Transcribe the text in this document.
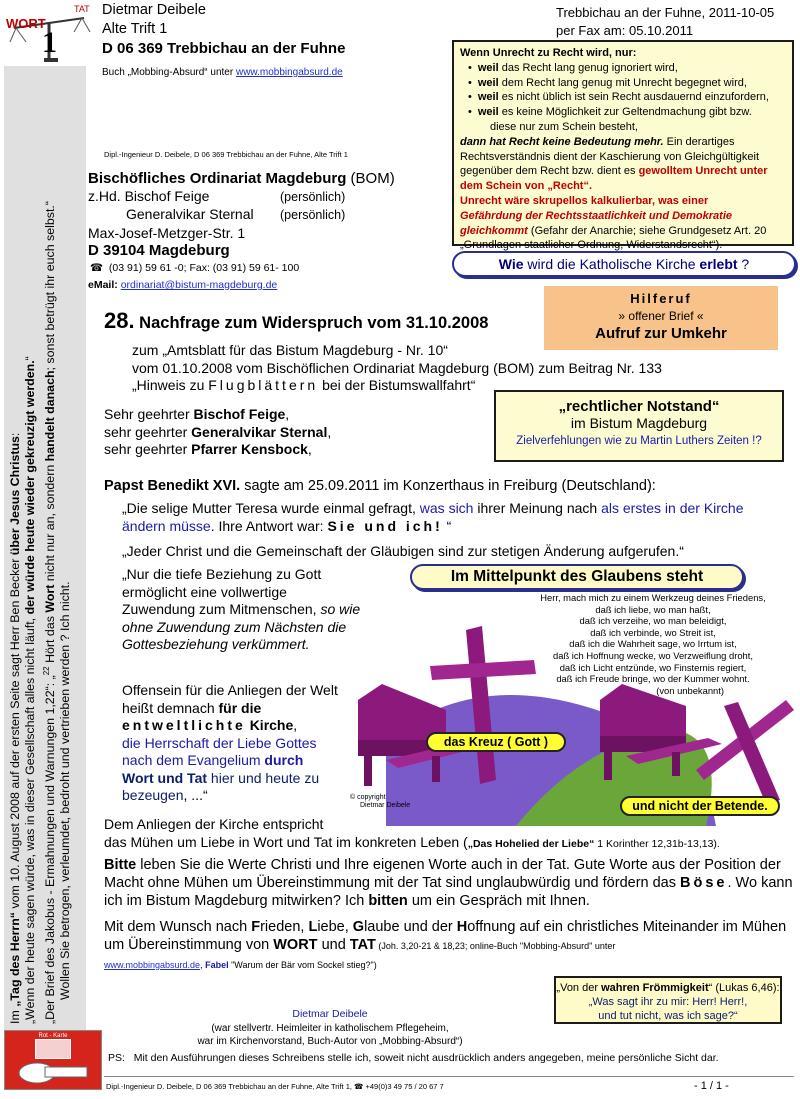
WORT
TAT
1
Dietmar Deibele
Alte Trift 1
D 06 369 Trebbichau an der Fuhne
Buch „Mobbing-Absurd“ unter www.mobbingabsurd.de
Trebbichau an der Fuhne, 2011-10-05
per Fax am: 05.10.2011
Wenn Unrecht zu Recht wird, nur:
• weil das Recht lang genug ignoriert wird,
• weil dem Recht lang genug mit Unrecht begegnet wird,
• weil es nicht üblich ist sein Recht ausdauernd einzufordern,
• weil es keine Möglichkeit zur Geltendmachung gibt bzw.
diese nur zum Schein besteht,
dann hat Recht keine Bedeutung mehr. Ein derartiges Rechtsverständnis dient der Kaschierung von Gleichgültigkeit gegenüber dem Recht bzw. dient es gewolltem Unrecht unter dem Schein von „Recht“.
Unrecht wäre skrupellos kalkulierbar, was einer
Gefährdung der Rechtsstaatlichkeit und Demokratie gleichkommt (Gefahr der Anarchie; siehe Grundgesetz Art. 20 „Grundlagen staatlicher Ordnung, Widerstandsrecht“).
Wie wird die Katholische Kirche erlebt ?

Im „Tag des Herrn“ vom 10. August 2008 auf der ersten Seite sagt Herr Ben Becker über Jesus Christus:

„Wenn der heute sagen würde, was in dieser Gesellschaft alles nicht läuft, der würde heute wieder gekreuzigt werden.“

„Der Brief des Jakobus - Ermahnungen und Warnungen 1,22“: „$^{22}$ Hört das Wort nicht nur an, sondern handelt danach; sonst betrügt ihr euch selbst.“

Wollen Sie betrogen, verleumdet, bedroht und vertrieben werden ? Ich nicht.

Dipl.-Ingenieur D. Deibele, D 06 369 Trebbichau an der Fuhne, Alte Trift 1
Bischöfliches Ordinariat Magdeburg (BOM)
z.Hd. Bischof Feige	(persönlich)
Generalvikar Sternal (persönlich)
Max-Josef-Metzger-Str. 1
D 39104 Magdeburg
☎  (03 91) 59 61 -0; Fax: (03 91) 59 61- 100
eMail: ordinariat@bistum-magdeburg.de
Hilferuf
» offener Brief «
Aufruf zur Umkehr
28. Nachfrage zum Widerspruch vom 31.10.2008
zum „Amtsblatt für das Bistum Magdeburg - Nr. 10“
vom 01.10.2008 vom Bischöflichen Ordinariat Magdeburg (BOM) zum Beitrag Nr. 133
„Hinweis zu Flugblättern bei der Bistumswallfahrt“
Sehr geehrter Bischof Feige,
sehr geehrter Generalvikar Sternal,
sehr geehrter Pfarrer Kensbock,
„rechtlicher Notstand“
im Bistum Magdeburg
Zielverfehlungen wie zu Martin Luthers Zeiten !?
Papst Benedikt XVI. sagte am 25.09.2011 im Konzerthaus in Freiburg (Deutschland):
„Die selige Mutter Teresa wurde einmal gefragt, was sich ihrer Meinung nach als erstes in der Kirche ändern müsse. Ihre Antwort war: Sie und ich! “
„Jeder Christ und die Gemeinschaft der Gläubigen sind zur stetigen Änderung aufgerufen.“
„Nur die tiefe Beziehung zu Gott ermöglicht eine vollwertige Zuwendung zum Mitmenschen, so wie ohne Zuwendung zum Nächsten die Gottesbeziehung verkümmert.
Offensein für die Anliegen der Welt heißt demnach für die
entweltlichte Kirche,
die Herrschaft der Liebe Gottes nach dem Evangelium durch
Wort und Tat hier und heute zu bezeugen, ...“
Im Mittelpunkt des Glaubens steht
Herr, mach mich zu einem Werkzeug deines Friedens,
daß ich liebe, wo man haßt,
daß ich verzeihe, wo man beleidigt,
daß ich verbinde, wo Streit ist,
daß ich die Wahrheit sage, wo Irrtum ist,
daß ich Hoffnung wecke, wo Verzweiflung droht,
daß ich Licht entzünde, wo Finsternis regiert,
daß ich Freude bringe, wo der Kummer wohnt.
(von unbekannt)
das Kreuz ( Gott )
und nicht der Betende.
© copyright
Dietmar Deibele
Dem Anliegen der Kirche entspricht
das Mühen um Liebe in Wort und Tat im konkreten Leben („Das Hohelied der Liebe“ 1 Korinther 12,31b-13,13).
Bitte leben Sie die Werte Christi und Ihre eigenen Worte auch in der Tat. Gute Worte aus der Position der Macht ohne Mühen um Übereinstimmung mit der Tat sind unglaubwürdig und fördern das Böse. Wo kann ich im Bistum Magdeburg mitwirken? Ich bitten um ein Gespräch mit Ihnen.
Mit dem Wunsch nach Frieden, Liebe, Glaube und der Hoffnung auf ein christliches Miteinander im Mühen um Übereinstimmung von WORT und TAT (Joh. 3,20-21 & 18,23; online-Buch "Mobbing-Absurd" unter
www.mobbingabsurd.de, Fabel "Warum der Bär vom Sockel stieg?")
„Von der wahren Frömmigkeit“ (Lukas 6,46):
„Was sagt ihr zu mir: Herr! Herr!,
und tut nicht, was ich sage?“
Dietmar Deibele
(war stellvertr. Heimleiter in katholischem Pflegeheim,
war im Kirchenvorstand, Buch-Autor von „Mobbing-Absurd“)
Rot - Karte
PS: Mit den Ausführungen dieses Schreibens stelle ich, soweit nicht ausdrücklich anders angegeben, meine persönliche Sicht dar.
Dipl.-Ingenieur D. Deibele, D 06 369 Trebbichau an der Fuhne, Alte Trift 1, ☎ +49(0)3 49 75 / 20 67 7	- 1 / 1 -
